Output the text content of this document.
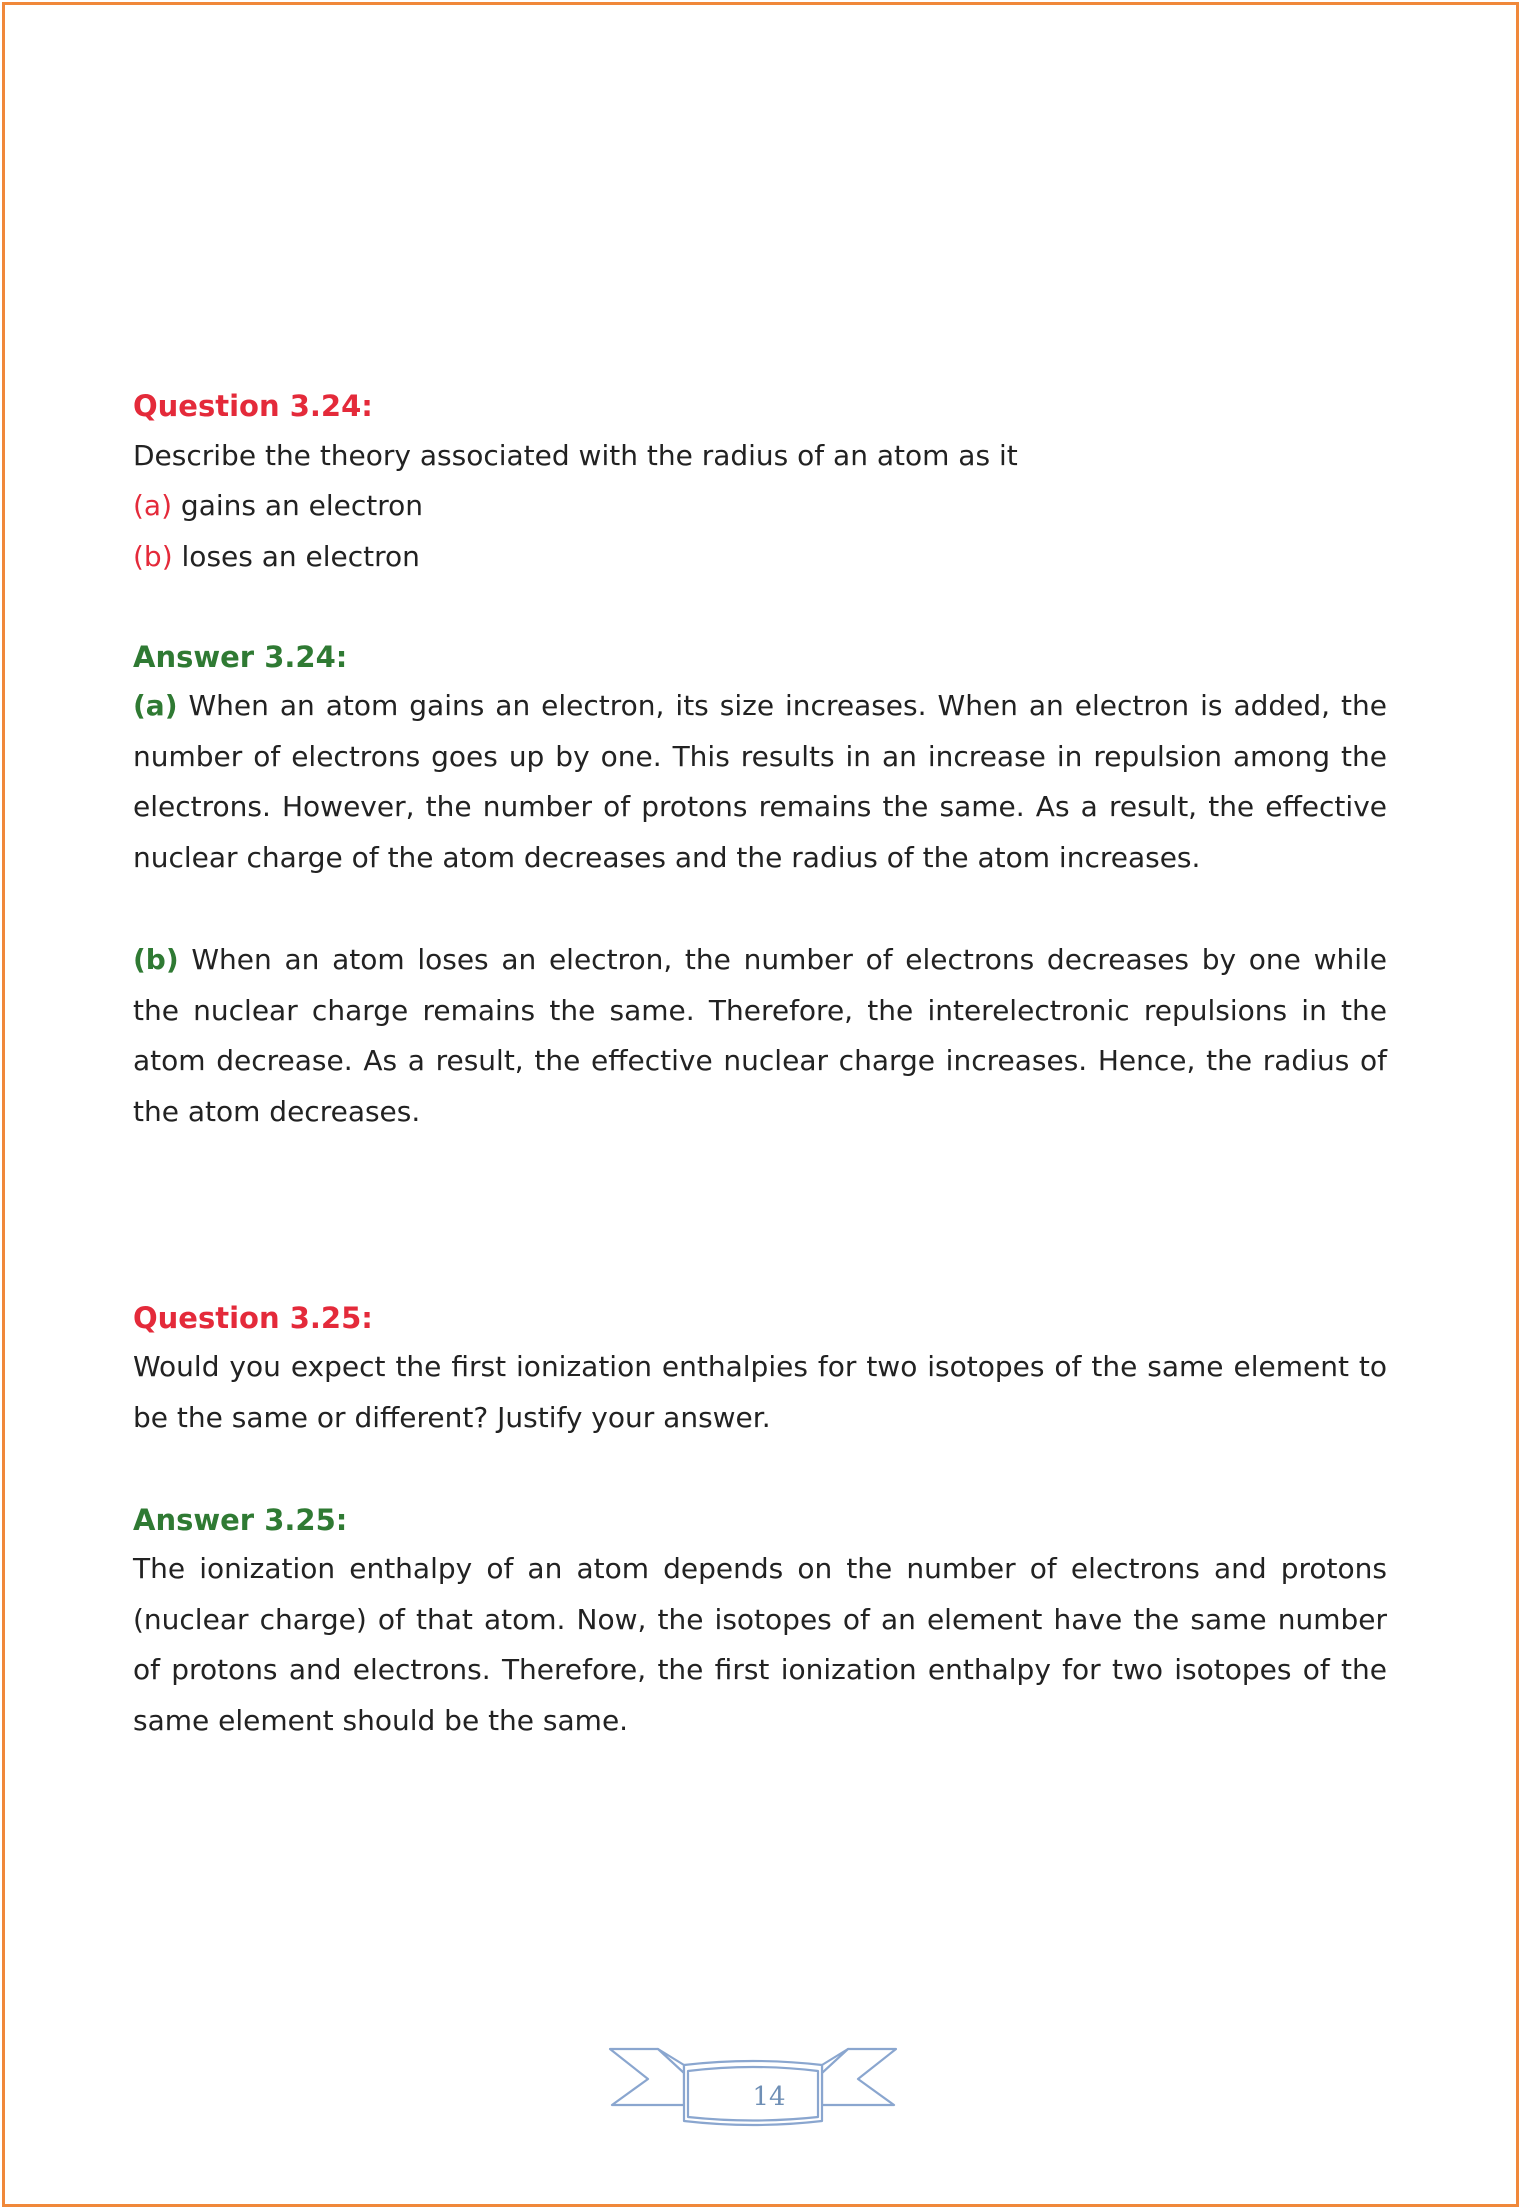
Question 3.24:
Describe the theory associated with the radius of an atom as it
(a) gains an electron
(b) loses an electron
Answer 3.24:
(a) When an atom gains an electron, its size increases. When an electron is added, the number of electrons goes up by one. This results in an increase in repulsion among the electrons. However, the number of protons remains the same. As a result, the effective nuclear charge of the atom decreases and the radius of the atom increases.
(b) When an atom loses an electron, the number of electrons decreases by one while the nuclear charge remains the same. Therefore, the interelectronic repulsions in the atom decrease. As a result, the effective nuclear charge increases. Hence, the radius of the atom decreases.
Question 3.25:
Would you expect the first ionization enthalpies for two isotopes of the same element to be the same or different? Justify your answer.
Answer 3.25:
The ionization enthalpy of an atom depends on the number of electrons and protons (nuclear charge) of that atom. Now, the isotopes of an element have the same number of protons and electrons. Therefore, the first ionization enthalpy for two isotopes of the same element should be the same.
14
